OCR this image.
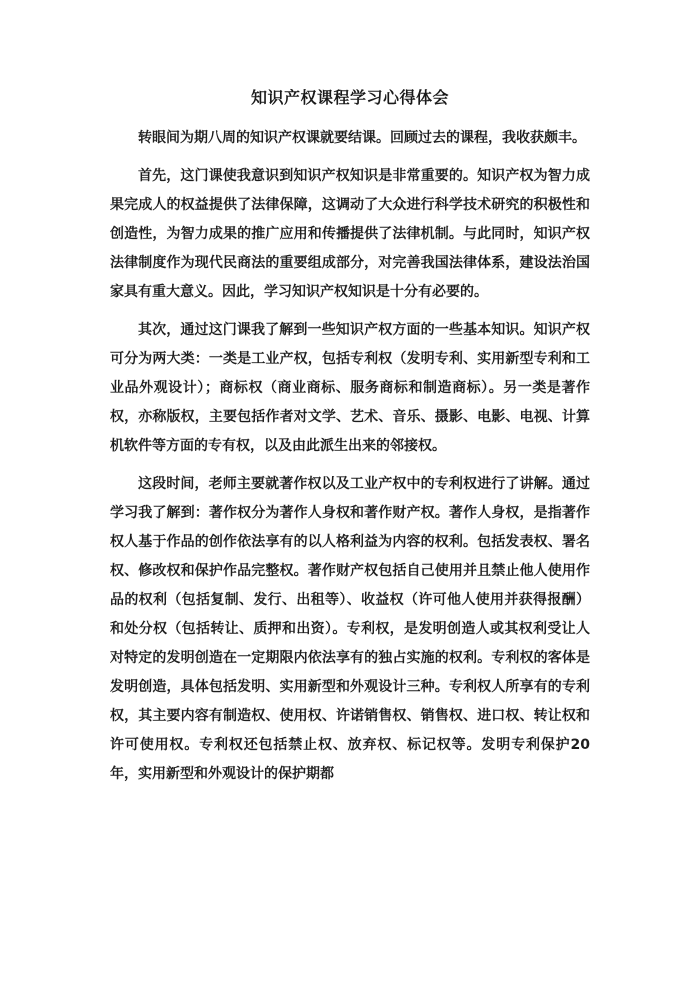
知识产权课程学习心得体会

转眼间为期八周的知识产权课就要结课。回顾过去的课程，我收获颇丰。

首先，这门课使我意识到知识产权知识是非常重要的。知识产权为智力成果完成人的权益提供了法律保障，这调动了大众进行科学技术研究的积极性和创造性，为智力成果的推广应用和传播提供了法律机制。与此同时，知识产权法律制度作为现代民商法的重要组成部分，对完善我国法律体系，建设法治国家具有重大意义。因此，学习知识产权知识是十分有必要的。

其次，通过这门课我了解到一些知识产权方面的一些基本知识。知识产权可分为两大类：一类是工业产权，包括专利权（发明专利、实用新型专利和工业品外观设计）；商标权（商业商标、服务商标和制造商标）。另一类是著作权，亦称版权，主要包括作者对文学、艺术、音乐、摄影、电影、电视、计算机软件等方面的专有权，以及由此派生出来的邻接权。

这段时间，老师主要就著作权以及工业产权中的专利权进行了讲解。通过学习我了解到：著作权分为著作人身权和著作财产权。著作人身权，是指著作权人基于作品的创作依法享有的以人格利益为内容的权利。包括发表权、署名权、修改权和保护作品完整权。著作财产权包括自己使用并且禁止他人使用作品的权利（包括复制、发行、出租等）、收益权（许可他人使用并获得报酬）和处分权（包括转让、质押和出资）。专利权，是发明创造人或其权利受让人对特定的发明创造在一定期限内依法享有的独占实施的权利。专利权的客体是发明创造，具体包括发明、实用新型和外观设计三种。专利权人所享有的专利权，其主要内容有制造权、使用权、许诺销售权、销售权、进口权、转让权和许可使用权。专利权还包括禁止权、放弃权、标记权等。发明专利保护20年，实用新型和外观设计的保护期都
